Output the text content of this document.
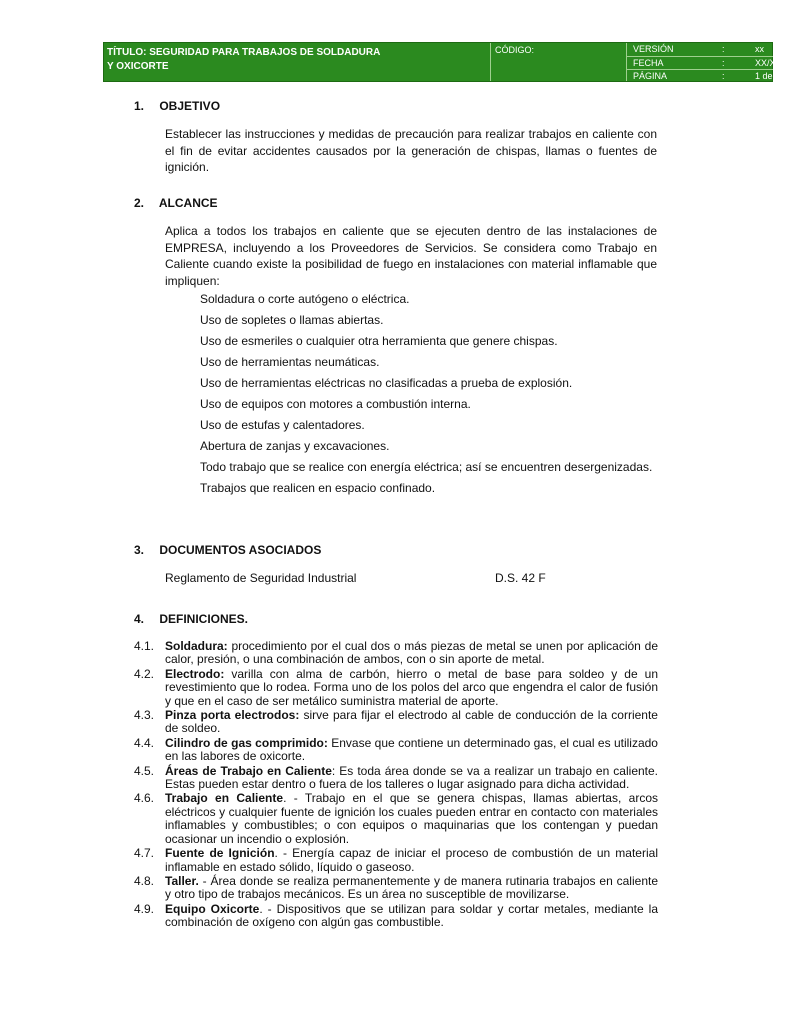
TÍTULO: SEGURIDAD PARA TRABAJOS DE SOLDADURA Y OXICORTE
CÓDIGO:	VERSIÓN	:	xx
FECHA	:	XX/XX/2013
PÁGINA	:	1 de 6
1. OBJETIVO
Establecer las instrucciones y medidas de precaución para realizar trabajos en caliente con el fin de evitar accidentes causados por la generación de chispas, llamas o fuentes de ignición.
2. ALCANCE
Aplica a todos los trabajos en caliente que se ejecuten dentro de las instalaciones de EMPRESA, incluyendo a los Proveedores de Servicios. Se considera como Trabajo en Caliente cuando existe la posibilidad de fuego en instalaciones con material inflamable que impliquen:
Soldadura o corte autógeno o eléctrica.
Uso de sopletes o llamas abiertas.
Uso de esmeriles o cualquier otra herramienta que genere chispas.
Uso de herramientas neumáticas.
Uso de herramientas eléctricas no clasificadas a prueba de explosión.
Uso de equipos con motores a combustión interna.
Uso de estufas y calentadores.
Abertura de zanjas y excavaciones.
Todo trabajo que se realice con energía eléctrica; así se encuentren desergenizadas.
Trabajos que realicen en espacio confinado.
3. DOCUMENTOS ASOCIADOS
Reglamento de Seguridad Industrial	D.S. 42 F
4. DEFINICIONES.
4.1. Soldadura: procedimiento por el cual dos o más piezas de metal se unen por aplicación de calor, presión, o una combinación de ambos, con o sin aporte de metal.
4.2. Electrodo: varilla con alma de carbón, hierro o metal de base para soldeo y de un revestimiento que lo rodea. Forma uno de los polos del arco que engendra el calor de fusión y que en el caso de ser metálico suministra material de aporte.
4.3. Pinza porta electrodos: sirve para fijar el electrodo al cable de conducción de la corriente de soldeo.
4.4. Cilindro de gas comprimido: Envase que contiene un determinado gas, el cual es utilizado en las labores de oxicorte.
4.5. Áreas de Trabajo en Caliente: Es toda área donde se va a realizar un trabajo en caliente. Estas pueden estar dentro o fuera de los talleres o lugar asignado para dicha actividad.
4.6. Trabajo en Caliente. - Trabajo en el que se genera chispas, llamas abiertas, arcos eléctricos y cualquier fuente de ignición los cuales pueden entrar en contacto con materiales inflamables y combustibles; o con equipos o maquinarias que los contengan y puedan ocasionar un incendio o explosión.
4.7. Fuente de Ignición. - Energía capaz de iniciar el proceso de combustión de un material inflamable en estado sólido, líquido o gaseoso.
4.8. Taller. - Área donde se realiza permanentemente y de manera rutinaria trabajos en caliente y otro tipo de trabajos mecánicos. Es un área no susceptible de movilizarse.
4.9. Equipo Oxicorte. - Dispositivos que se utilizan para soldar y cortar metales, mediante la combinación de oxígeno con algún gas combustible.
